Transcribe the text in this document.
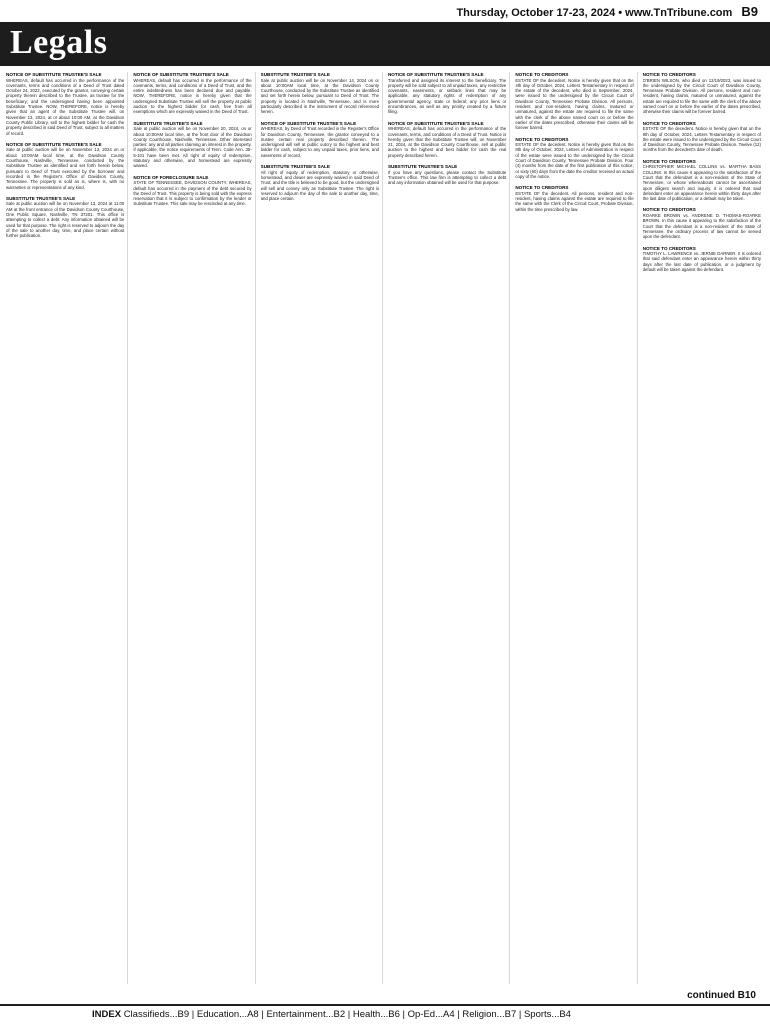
Thursday, October 17-23, 2024 • www.TnTribune.com B9
Legals
NOTICE OF SUBSTITUTE TRUSTEE'S SALE
WHEREAS, default has occurred in the performance of the covenants, terms and conditions of a Deed of Trust dated October 24, 2022, executed by the grantor, conveying certain property therein described to the Trustee, as trustee for the beneficiary; and the undersigned having been appointed Substitute Trustee. NOW, THEREFORE, notice is hereby given that an agent of the Substitute Trustee will, on November 13, 2024, at or about 10:00 AM, at the Davidson County Public Library, sell to the highest bidder for cash the property described in said Deed of Trust, subject to all matters of record.
NOTICE OF SUBSTITUTE TRUSTEE'S SALE
Sale at public auction will be on November 13, 2024 on or about 10:00AM local time, at the Davidson County Courthouse, Nashville, Tennessee, conducted by the Substitute Trustee as identified and set forth herein below, pursuant to Deed of Trust executed by the borrower and recorded in the Register's Office of Davidson County, Tennessee. The property is sold as is, where is, with no warranties or representations of any kind.
SUBSTITUTE TRUSTEE'S SALE
Sale at public auction will be on November 13, 2024 at 11:00 AM at the front entrance of the Davidson County Courthouse, One Public Square, Nashville, TN 37201. This office is attempting to collect a debt. Any information obtained will be used for that purpose. The right is reserved to adjourn the day of the sale to another day, time, and place certain without further publication.
NOTICE OF SUBSTITUTE TRUSTEE'S SALE
WHEREAS, default has occurred in the performance of the covenants, terms, and conditions of a Deed of Trust, and the entire indebtedness has been declared due and payable. NOW, THEREFORE, notice is hereby given that the undersigned Substitute Trustee will sell the property at public auction to the highest bidder for cash, free from all exemptions which are expressly waived in the Deed of Trust.
SUBSTITUTE TRUSTEE'S SALE
Sale at public auction will be on November 20, 2024, on or about 10:00AM local time, at the front door of the Davidson County Courthouse, Nashville, Tennessee. Other interested parties: any and all parties claiming an interest in the property. If applicable, the notice requirements of Tenn. Code Ann. 35-5-101 have been met. All right of equity of redemption, statutory and otherwise, and homestead are expressly waived.
NOTICE OF FORECLOSURE SALE
STATE OF TENNESSEE, DAVIDSON COUNTY. WHEREAS, default has occurred in the payment of the debt secured by the Deed of Trust. This property is being sold with the express reservation that it is subject to confirmation by the lender or Substitute Trustee. This sale may be rescinded at any time.
SUBSTITUTE TRUSTEE'S SALE
Sale at public auction will be on November 14, 2024 on or about 10:00AM local time, at the Davidson County Courthouse, conducted by the Substitute Trustee as identified and set forth herein below, pursuant to Deed of Trust. The property is located in Nashville, Tennessee, and is more particularly described in the instrument of record referenced herein.
NOTICE OF SUBSTITUTE TRUSTEE'S SALE
WHEREAS, by Deed of Trust recorded in the Register's Office for Davidson County, Tennessee, the grantor conveyed to a trustee certain real property described therein. The undersigned will sell at public outcry to the highest and best bidder for cash, subject to any unpaid taxes, prior liens, and easements of record.
SUBSTITUTE TRUSTEE'S SALE
All right of equity of redemption, statutory or otherwise, homestead, and dower are expressly waived in said Deed of Trust, and the title is believed to be good, but the undersigned will sell and convey only as Substitute Trustee. The right is reserved to adjourn the day of the sale to another day, time, and place certain.
NOTICE OF SUBSTITUTE TRUSTEE'S SALE
Transferred and assigned its interest to the beneficiary. The property will be sold subject to all unpaid taxes, any restrictive covenants, easements, or setback lines that may be applicable; any statutory rights of redemption of any governmental agency, state or federal; any prior liens or encumbrances, as well as any priority created by a fixture filing.
NOTICE OF SUBSTITUTE TRUSTEE'S SALE
WHEREAS, default has occurred in the performance of the covenants, terms, and conditions of a Deed of Trust. Notice is hereby given that the Substitute Trustee will, on November 21, 2024, at the Davidson County Courthouse, sell at public auction to the highest and best bidder for cash the real property described herein.
SUBSTITUTE TRUSTEE'S SALE
If you have any questions, please contact the Substitute Trustee's office. This law firm is attempting to collect a debt and any information obtained will be used for that purpose.
NOTICE TO CREDITORS
ESTATE OF the decedent. Notice is hereby given that on the 4th day of October, 2024, Letters Testamentary in respect of the estate of the decedent, who died in September, 2024, were issued to the undersigned by the Circuit Court of Davidson County, Tennessee Probate Division. All persons, resident and non-resident, having claims, matured or unmatured, against the estate are required to file the same with the clerk of the above named court on or before the earlier of the dates prescribed, otherwise their claims will be forever barred.
NOTICE TO CREDITORS
ESTATE OF the decedent. Notice is hereby given that on the 8th day of October, 2024, Letters of Administration in respect of the estate were issued to the undersigned by the Circuit Court of Davidson County, Tennessee Probate Division. Four (4) months from the date of the first publication of this notice; or sixty (60) days from the date the creditor received an actual copy of the notice.
NOTICE TO CREDITORS
ESTATE OF the decedent. All persons, resident and non-resident, having claims against the estate are required to file the same with the Clerk of the Circuit Court, Probate Division, within the time prescribed by law.
NOTICE TO CREDITORS
O'BRIEN WILSON, who died on 12/19/2023, was issued to the undersigned by the Circuit Court of Davidson County, Tennessee Probate Division. All persons, resident and non-resident, having claims, matured or unmatured, against the estate are required to file the same with the clerk of the above named court on or before the earlier of the dates prescribed, otherwise their claims will be forever barred.
NOTICE TO CREDITORS
ESTATE OF the decedent. Notice is hereby given that on the 9th day of October, 2024, Letters Testamentary in respect of the estate were issued to the undersigned by the Circuit Court of Davidson County, Tennessee Probate Division. Twelve (12) months from the decedent's date of death.
NOTICE TO CREDITORS
CHRISTOPHER MICHAEL COLLINS vs. MARTHA BASS COLLINS. In this cause it appearing to the satisfaction of the Court that the defendant is a non-resident of the State of Tennessee, or whose whereabouts cannot be ascertained upon diligent search and inquiry, it is ordered that said defendant enter an appearance herein within thirty days after the last date of publication, or a default may be taken.
NOTICE TO CREDITORS
ROARKE BROWN vs. ANDRENE D. THOMAS-ROARKE BROWN. In this cause it appearing to the satisfaction of the Court that the defendant is a non-resident of the State of Tennessee, the ordinary process of law cannot be served upon the defendant.
NOTICE TO CREDITORS
TIMOTHY L. LAWRENCE vs. JERNIE DARNER. It is ordered that said defendant enter an appearance herein within thirty days after the last date of publication, or a judgment by default will be taken against the defendant.
continued B10
INDEX Classifieds...B9 | Education...A8 | Entertainment...B2 | Health...B6 | Op-Ed...A4 | Religion...B7 | Sports...B4
